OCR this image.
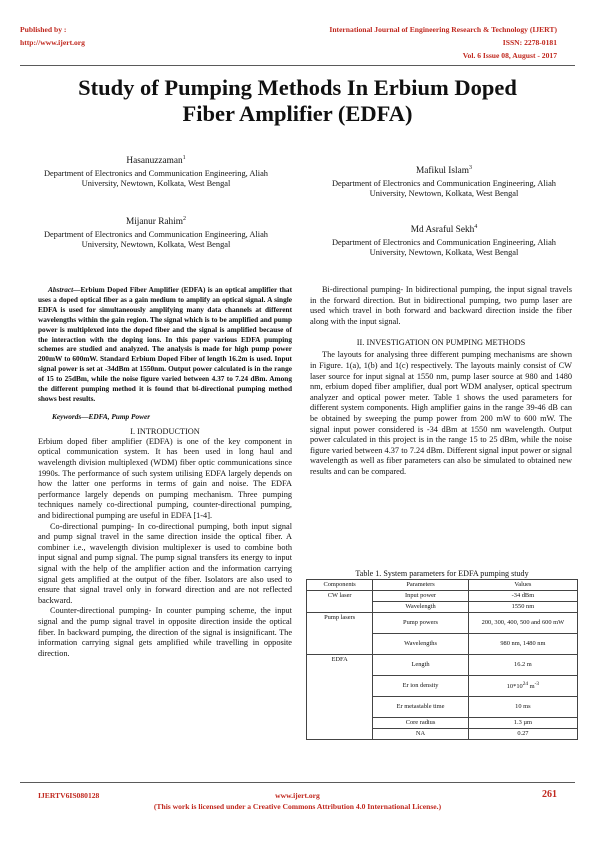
Published by :
http://www.ijert.org
International Journal of Engineering Research & Technology (IJERT)
ISSN: 2278-0181
Vol. 6 Issue 08, August - 2017
Study of Pumping Methods In Erbium Doped
Fiber Amplifier (EDFA)
Hasanuzzaman$^1$
Department of Electronics and Communication Engineering, Aliah University, Newtown, Kolkata, West Bengal
Mijanur Rahim$^2$
Department of Electronics and Communication Engineering, Aliah University, Newtown, Kolkata, West Bengal
Mafikul Islam$^3$
Department of Electronics and Communication Engineering, Aliah University, Newtown, Kolkata, West Bengal
Md Asraful Sekh$^4$
Department of Electronics and Communication Engineering, Aliah University, Newtown, Kolkata, West Bengal
Abstract—Erbium Doped Fiber Amplifier (EDFA) is an optical amplifier that uses a doped optical fiber as a gain medium to amplify an optical signal. A single EDFA is used for simultaneously amplifying many data channels at different wavelengths within the gain region. The signal which is to be amplified and pump power is multiplexed into the doped fiber and the signal is amplified because of the interaction with the doping ions. In this paper various EDFA pumping schemes are studied and analyzed. The analysis is made for high pump power 200mW to 600mW. Standard Erbium Doped Fiber of length 16.2m is used. Input signal power is set at -34dBm at 1550nm. Output power calculated is in the range of 15 to 25dBm, while the noise figure varied between 4.37 to 7.24 dBm. Among the different pumping method it is found that bi-directional pumping method shows best results.
Keywords—EDFA, Pump Power
I. INTRODUCTION

Erbium doped fiber amplifier (EDFA) is one of the key component in optical communication system. It has been used in long haul and wavelength division multiplexed (WDM) fiber optic communications since 1990s. The performance of such system utilising EDFA largely depends on how the latter one performs in terms of gain and noise. The EDFA performance largely depends on pumping mechanism. Three pumping techniques namely co-directional pumping, counter-directional pumping, and bidirectional pumping are useful in EDFA [1-4].

Co-directional pumping- In co-directional pumping, both input signal and pump signal travel in the same direction inside the optical fiber. A combiner i.e., wavelength division multiplexer is used to combine both input signal and pump signal. The pump signal transfers its energy to input signal with the help of the amplifier action and the information carrying signal gets amplified at the output of the fiber. Isolators are also used to ensure that signal travel only in forward direction and are not reflected backward.

Counter-directional pumping- In counter pumping scheme, the input signal and the pump signal travel in opposite direction inside the optical fiber. In backward pumping, the direction of the signal is insignificant. The information carrying signal gets amplified while travelling in opposite direction.

Bi-directional pumping- In bidirectional pumping, the input signal travels in the forward direction. But in bidirectional pumping, two pump laser are used which travel in both forward and backward direction inside the fiber along with the input signal.

II. INVESTIGATION ON PUMPING METHODS

The layouts for analysing three different pumping mechanisms are shown in Figure. 1(a), 1(b) and 1(c) respectively. The layouts mainly consist of CW laser source for input signal at 1550 nm, pump laser source at 980 and 1480 nm, erbium doped fiber amplifier, dual port WDM analyser, optical spectrum analyzer and optical power meter. Table 1 shows the used parameters for different system components. High amplifier gains in the range 39-46 dB can be obtained by sweeping the pump power from 200 mW to 600 mW. The signal input power considered is -34 dBm at 1550 nm wavelength. Output power calculated in this project is in the range 15 to 25 dBm, while the noise figure varied between 4.37 to 7.24 dBm. Different signal input power or signal wavelength as well as fiber parameters can also be simulated to obtained new results and can be compared.

Table 1. System parameters for EDFA pumping study
Components	Parameters	Values
CW laser	Input power	-34 dBm
	Wavelength	1550 nm
Pump lasers	Pump powers	200, 300, 400, 500 and 600 mW
	Wavelengths	980 nm, 1480 nm
EDFA	Length	16.2 m
	Er ion density	$10*10^{24}$ $m^{-3}$
	Er metastable time	10 ms
	Core radius	1.3 µm
	NA	0.27
IJERTV6IS080128	www.ijert.org	261
(This work is licensed under a Creative Commons Attribution 4.0 International License.)
